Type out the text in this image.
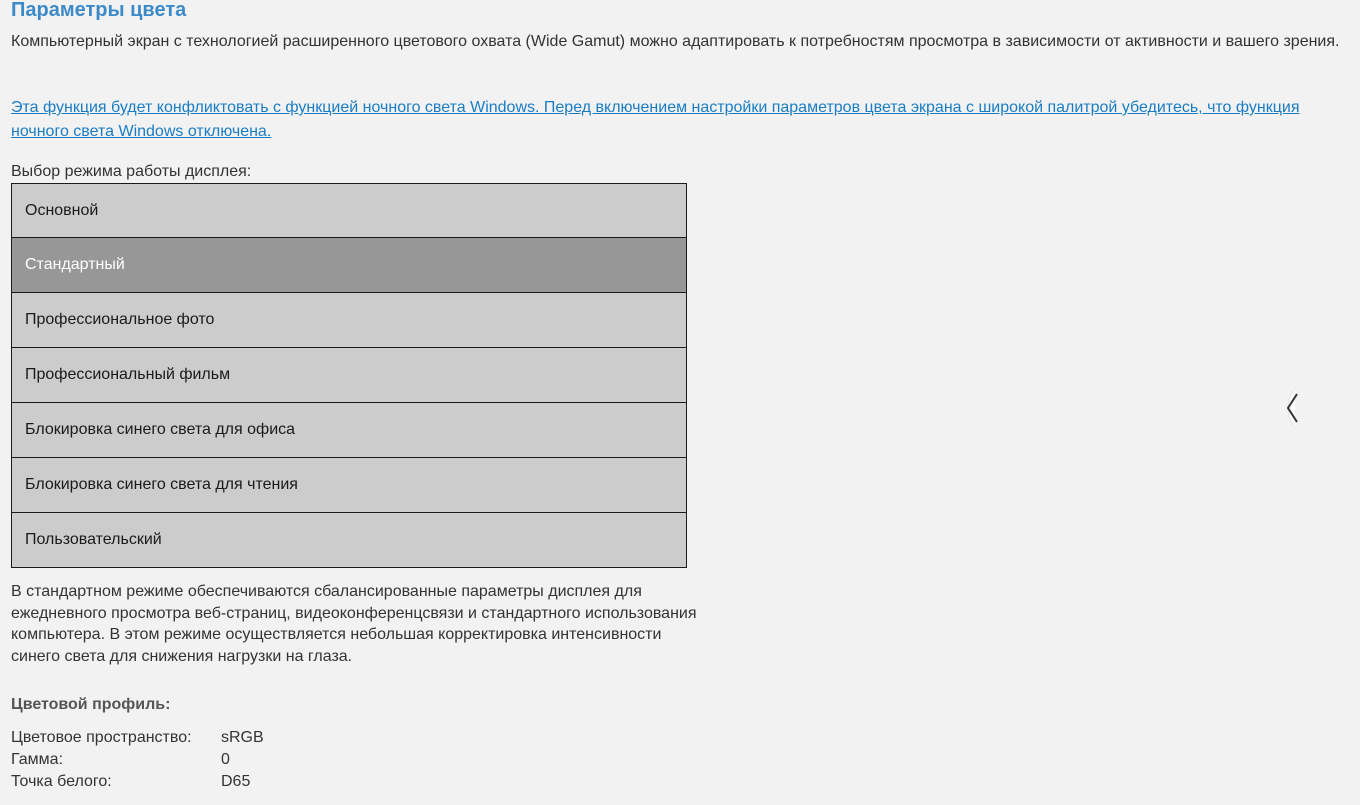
Параметры цвета

Компьютерный экран с технологией расширенного цветового охвата (Wide Gamut) можно адаптировать к потребностям просмотра в зависимости от активности и вашего зрения.

Эта функция будет конфликтовать с функцией ночного света Windows. Перед включением настройки параметров цвета экрана с широкой палитрой убедитесь, что функция ночного света Windows отключена.

Выбор режима работы дисплея:
Основной
Стандартный
Профессиональное фото
Профессиональный фильм
Блокировка синего света для офиса
Блокировка синего света для чтения
Пользовательский

В стандартном режиме обеспечиваются сбалансированные параметры дисплея для ежедневного просмотра веб-страниц, видеоконференцсвязи и стандартного использования компьютера. В этом режиме осуществляется небольшая корректировка интенсивности синего света для снижения нагрузки на глаза.

Цветовой профиль:
Цветовое пространство: sRGB
Гамма:	0
Точка белого:	D65
